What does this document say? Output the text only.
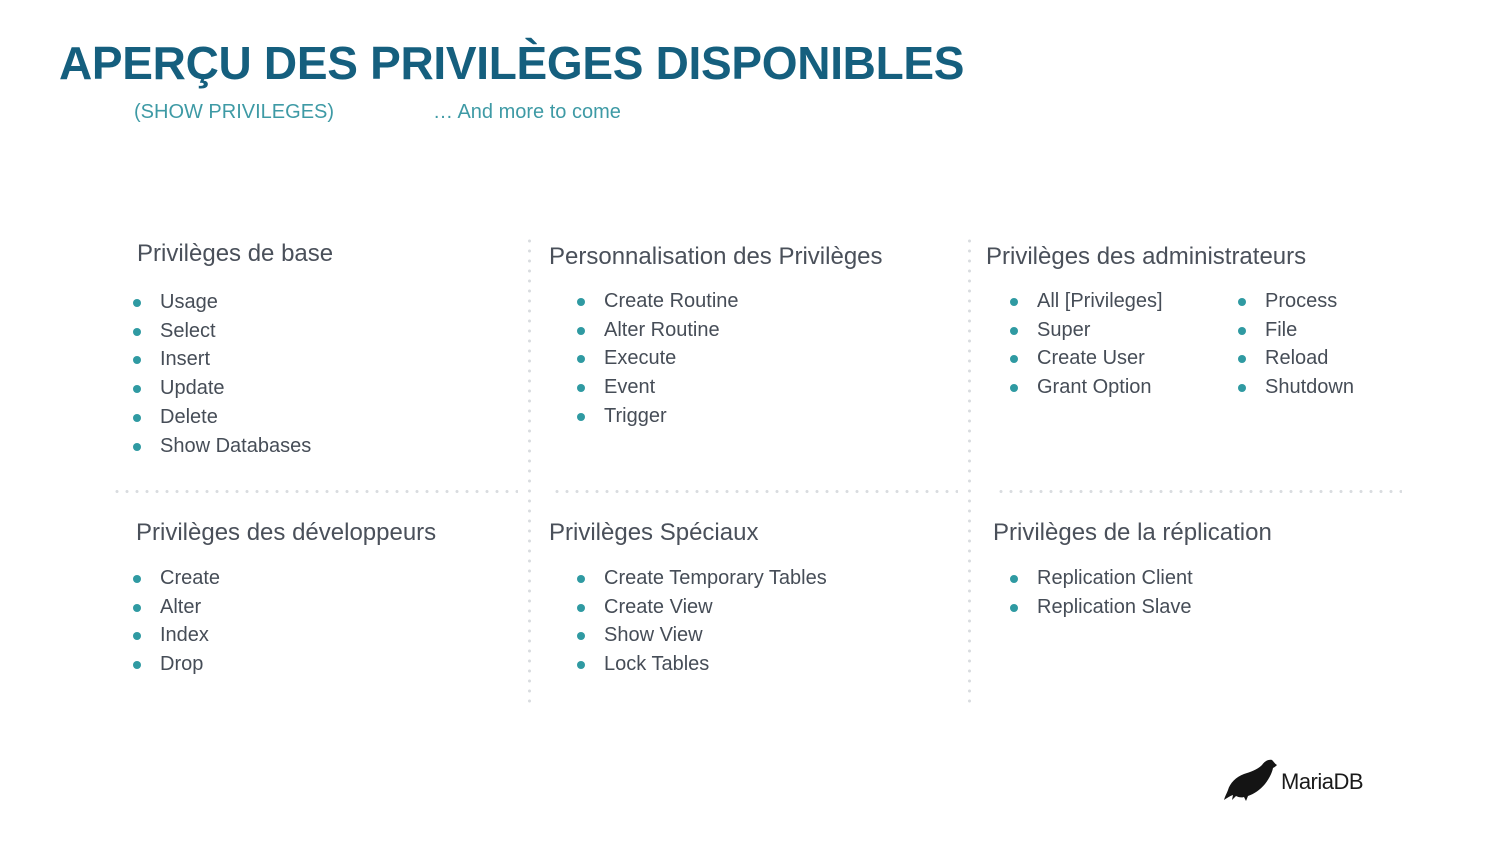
APERÇU DES PRIVILÈGES DISPONIBLES
(SHOW PRIVILEGES)	… And more to come
Privilèges de base
Usage
Select
Insert
Update
Delete
Show Databases
Personnalisation des Privilèges
Create Routine
Alter Routine
Execute
Event
Trigger
Privilèges des administrateurs
All [Privileges]
Super
Create User
Grant Option
Process
File
Reload
Shutdown
Privilèges des développeurs
Create
Alter
Index
Drop
Privilèges Spéciaux
Create Temporary Tables
Create View
Show View
Lock Tables
Privilèges de la réplication
Replication Client
Replication Slave
MariaDB
